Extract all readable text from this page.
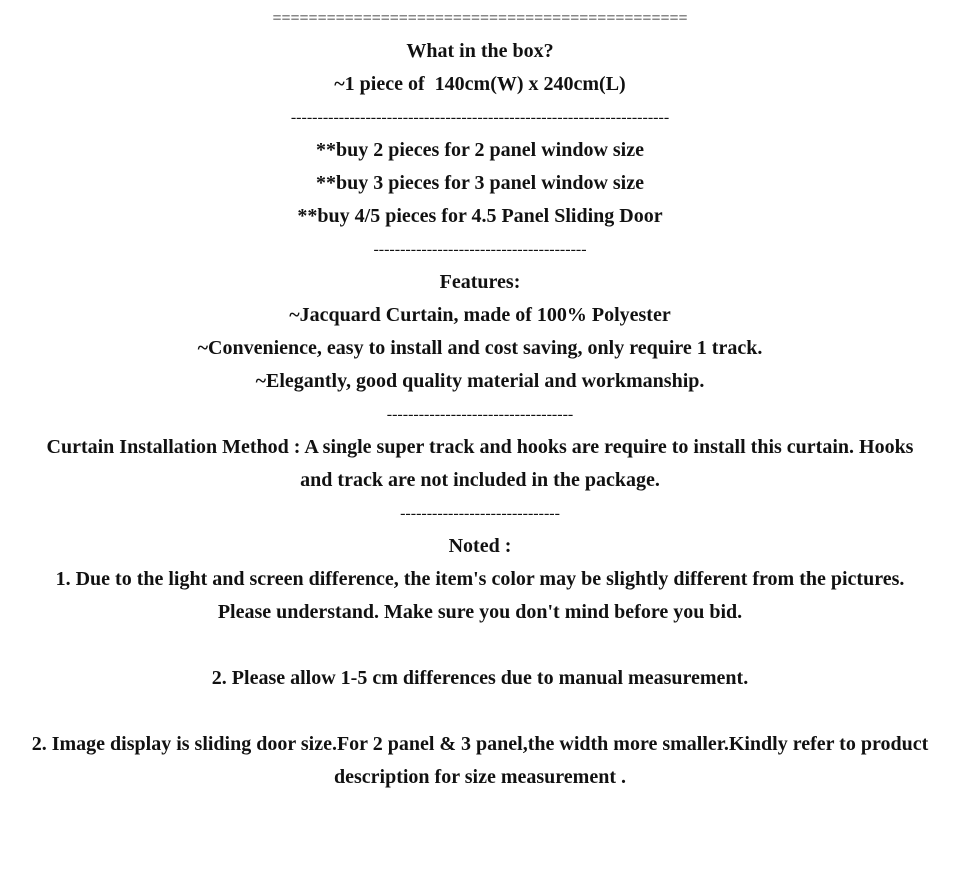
==============================================
What in the box?
~1 piece of  140cm(W) x 240cm(L)
-----------------------------------------------------------------------
**buy 2 pieces for 2 panel window size
**buy 3 pieces for 3 panel window size
**buy 4/5 pieces for 4.5 Panel Sliding Door
----------------------------------------
Features:
~Jacquard Curtain, made of 100% Polyester
~Convenience, easy to install and cost saving, only require 1 track.
~Elegantly, good quality material and workmanship.
-----------------------------------
Curtain Installation Method : A single super track and hooks are require to install this curtain. Hooks and track are not included in the package.
------------------------------
Noted :
1. Due to the light and screen difference, the item's color may be slightly different from the pictures. Please understand. Make sure you don't mind before you bid.
2. Please allow 1-5 cm differences due to manual measurement.
2. Image display is sliding door size.For 2 panel & 3 panel,the width more smaller.Kindly refer to product description for size measurement .
